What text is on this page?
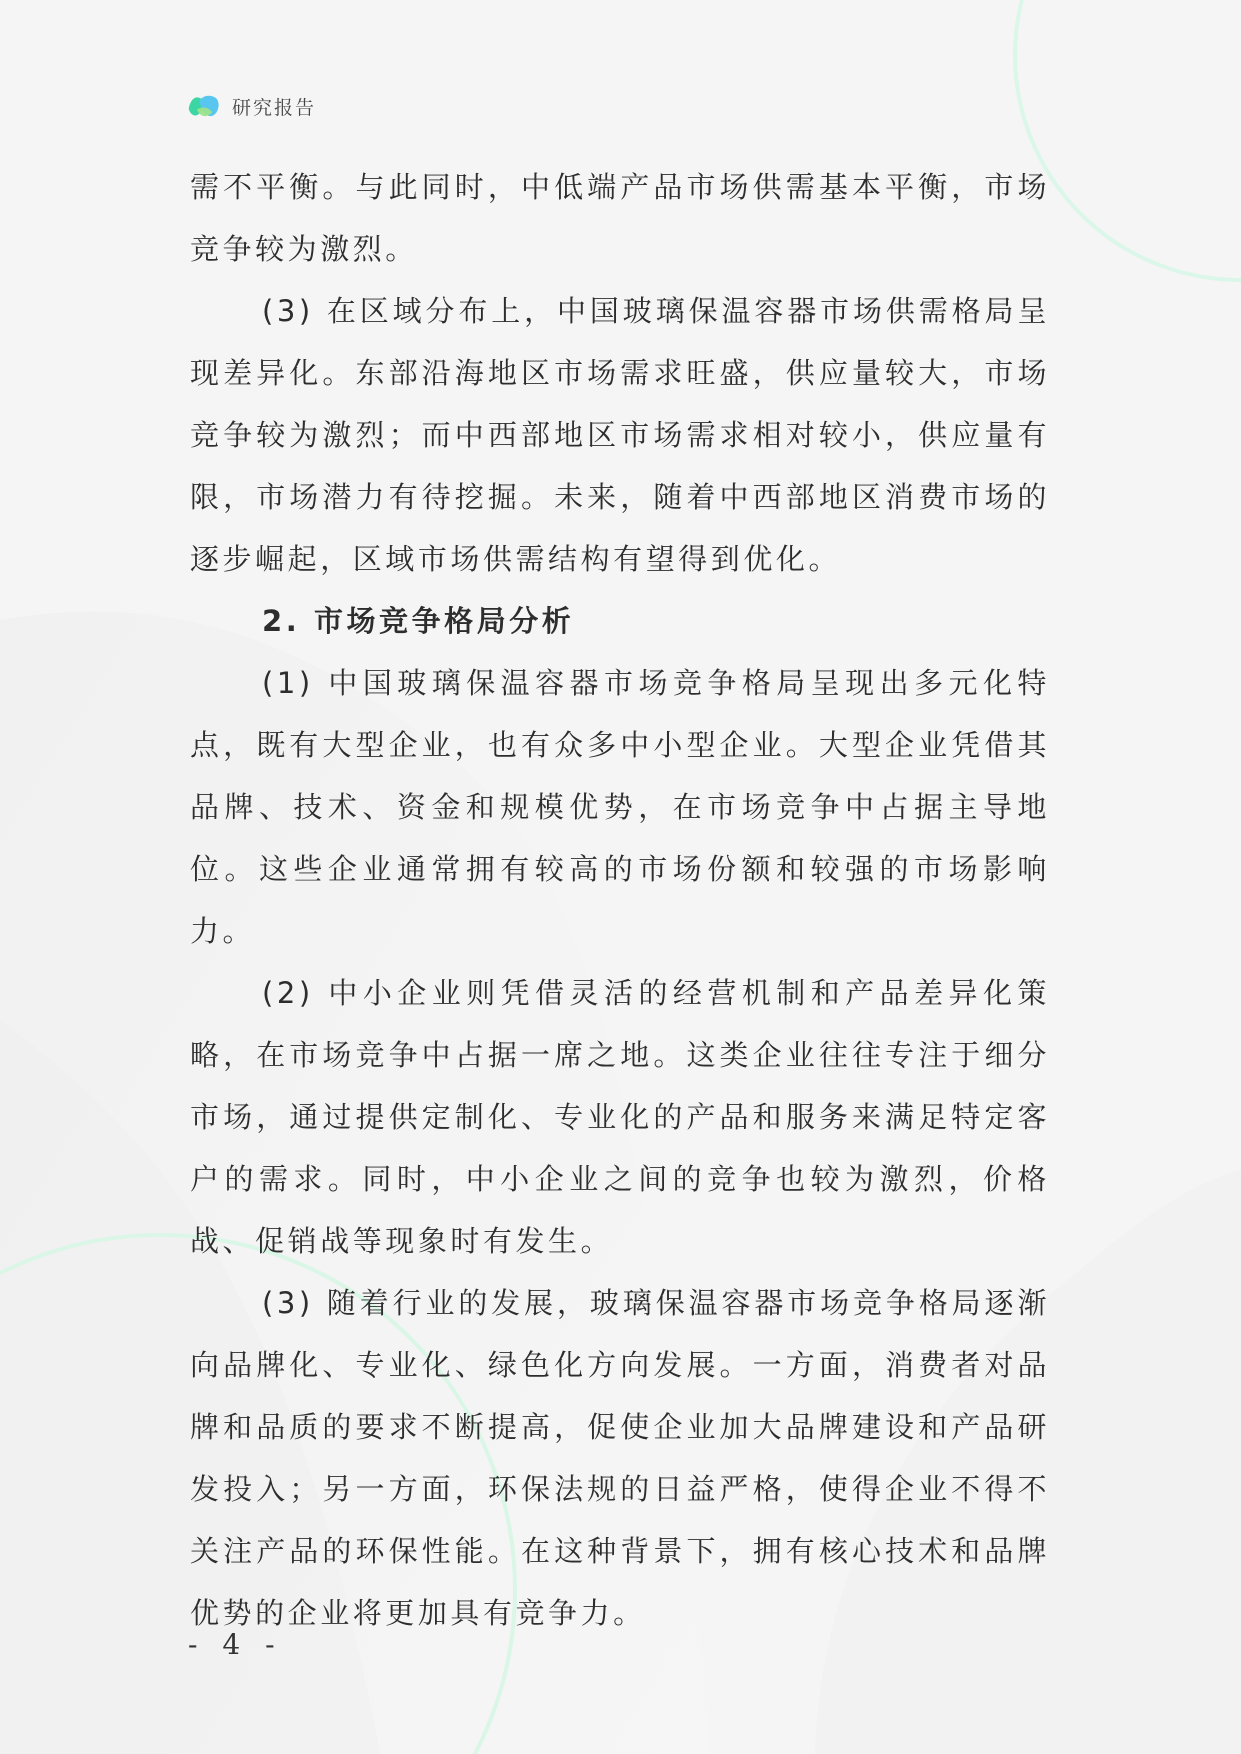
研究报告

需不平衡。与此同时，中低端产品市场供需基本平衡，市场竞争较为激烈。

(3) 在区域分布上，中国玻璃保温容器市场供需格局呈现差异化。东部沿海地区市场需求旺盛，供应量较大，市场竞争较为激烈；而中西部地区市场需求相对较小，供应量有限，市场潜力有待挖掘。未来，随着中西部地区消费市场的逐步崛起，区域市场供需结构有望得到优化。

2. 市场竞争格局分析

(1) 中国玻璃保温容器市场竞争格局呈现出多元化特点，既有大型企业，也有众多中小型企业。大型企业凭借其品牌、技术、资金和规模优势，在市场竞争中占据主导地位。这些企业通常拥有较高的市场份额和较强的市场影响力。

(2) 中小企业则凭借灵活的经营机制和产品差异化策略，在市场竞争中占据一席之地。这类企业往往专注于细分市场，通过提供定制化、专业化的产品和服务来满足特定客户的需求。同时，中小企业之间的竞争也较为激烈，价格战、促销战等现象时有发生。

(3) 随着行业的发展，玻璃保温容器市场竞争格局逐渐向品牌化、专业化、绿色化方向发展。一方面，消费者对品牌和品质的要求不断提高，促使企业加大品牌建设和产品研发投入；另一方面，环保法规的日益严格，使得企业不得不关注产品的环保性能。在这种背景下，拥有核心技术和品牌优势的企业将更加具有竞争力。

- 4 -
